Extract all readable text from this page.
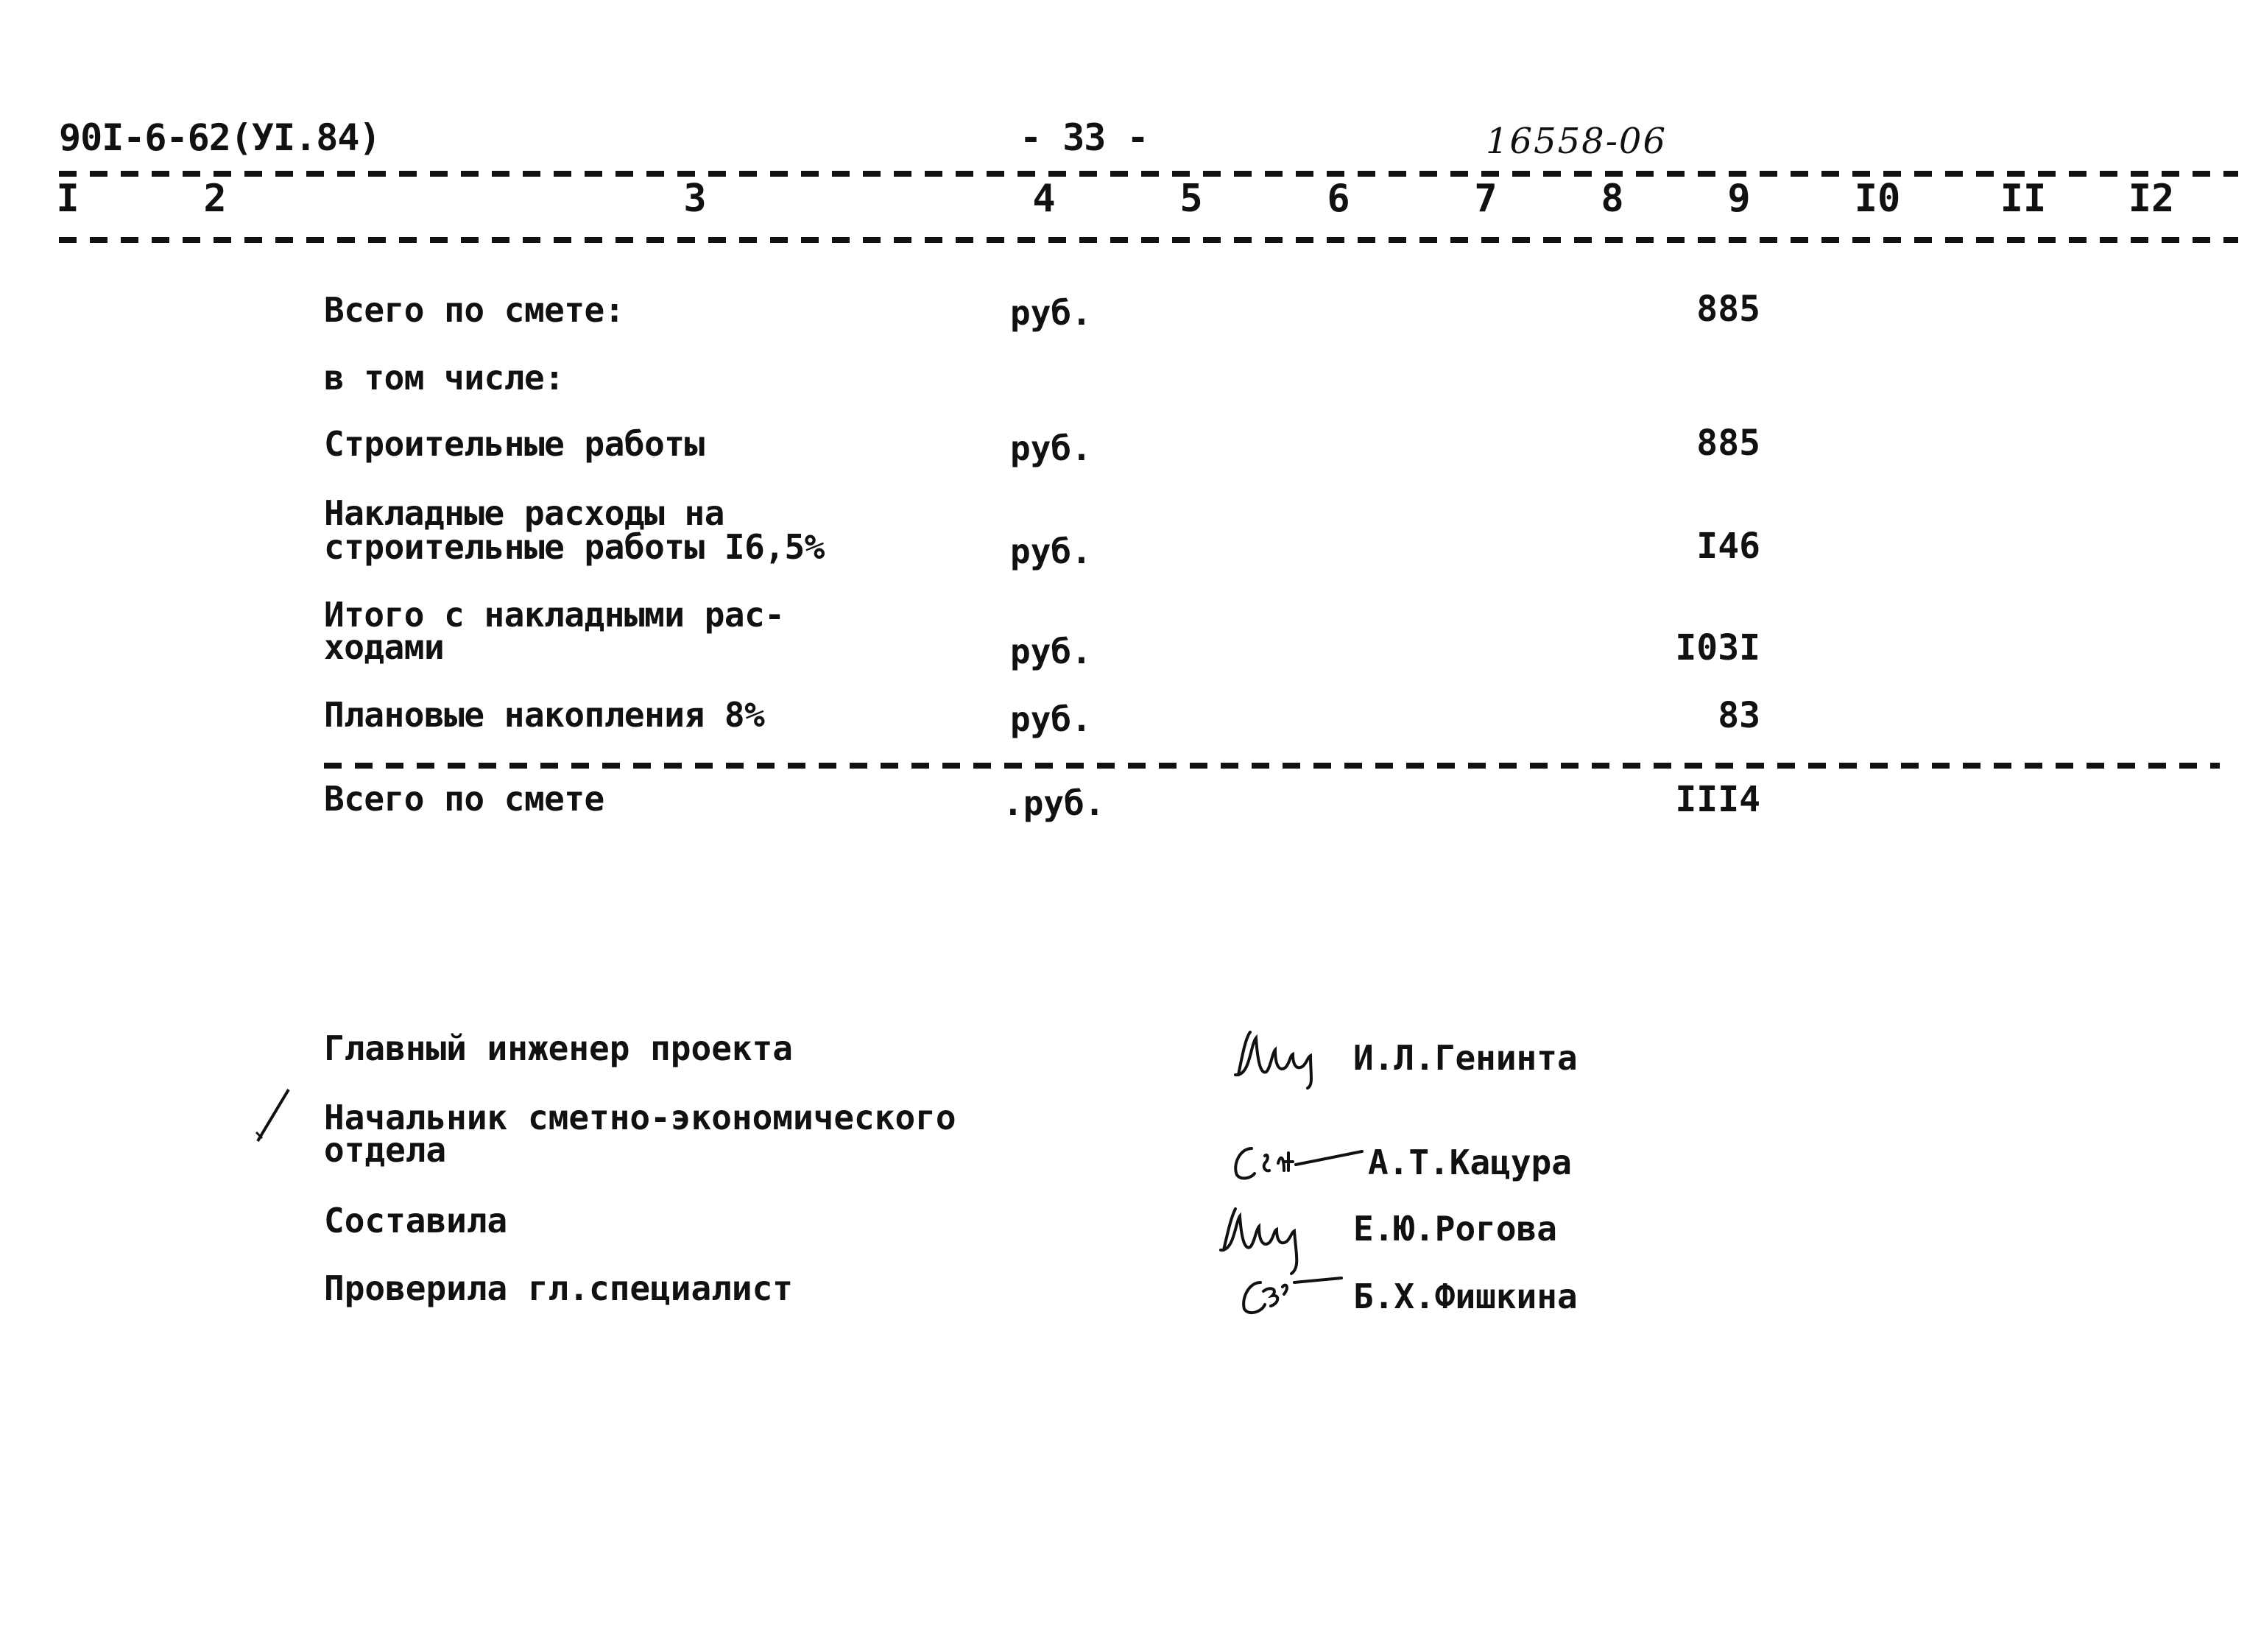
90I-6-62(УI.84)	- 33 -	16558-06
I	2	3	4	5	6	7	8	9	I0	II I2
Всего по смете:	руб.	885
в том числе:
Строительные работы	руб.	885
Накладные расходы на
строительные работы I6,5%	руб.	I46
Итого с накладными рас-
ходами	руб.	I03I
Плановые накопления 8%	руб.	83
Всего по смете	.руб.	III4
Главный инженер проекта	И.Л.Генинта
Начальник сметно-экономического
отдела	А.Т.Кацура
Составила	Е.Ю.Рогова
Проверила гл.специалист	Б.Х.Фишкина
